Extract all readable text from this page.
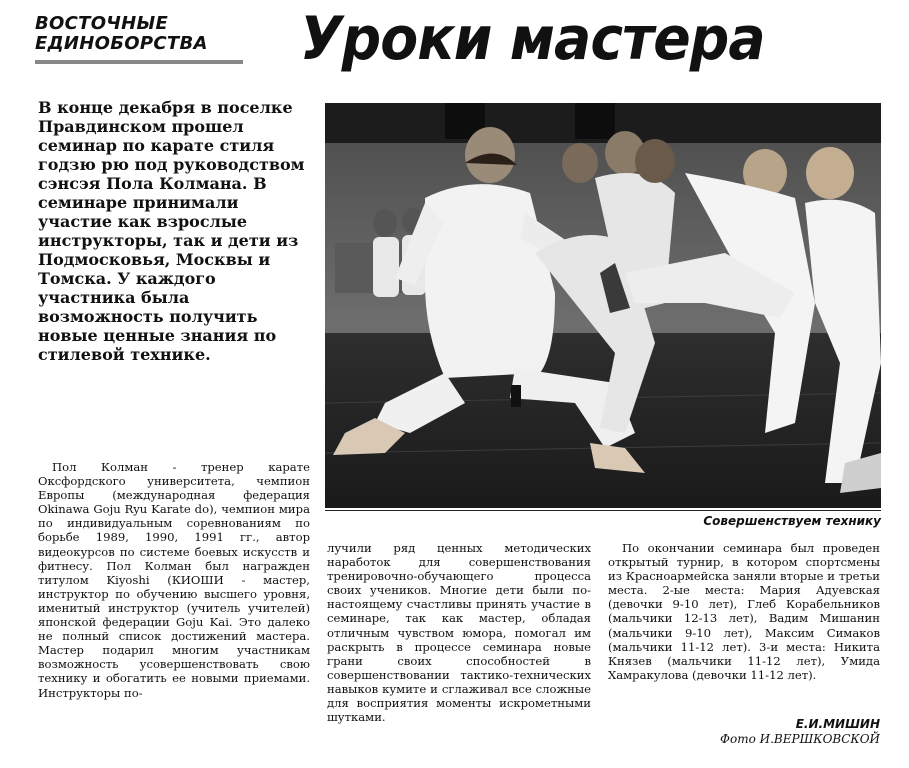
ВОСТОЧНЫЕ
ЕДИНОБОРСТВА	Уроки мастера
В конце декабря в поселке Правдинском прошел семинар по карате стиля годзю рю под руководством сэнсэя Пола Колмана. В семинаре принимали участие как взрослые инструкторы, так и дети из Подмосковья, Москвы и Томска. У каждого участника была возможность получить новые ценные знания по стилевой технике.
Совершенствуем технику
Пол Колман - тренер карате Оксфордского университета, чемпион Европы (международная федерация Okinawa Goju Ryu Karate do), чемпион мира по индивидуальным соревнованиям по борьбе 1989, 1990, 1991 гг., автор видеокурсов по системе боевых искусств и фитнесу. Пол Колман был награжден титулом Kiyoshi (КИОШИ - мастер, инструктор по обучению высшего уровня, именитый инструктор (учитель учителей) японской федерации Goju Kai. Это далеко не полный список достижений мастера. Мастер подарил многим участникам возможность усовершенствовать свою технику и обогатить ее новыми приемами. Инструкторы по-
лучили ряд ценных методических наработок для совершенствования тренировочно-обучающего процесса своих учеников. Многие дети были по-настоящему счастливы принять участие в семинаре, так как мастер, обладая отличным чувством юмора, помогал им раскрыть в процессе семинара новые грани своих способностей в совершенствовании тактико-технических навыков кумите и сглаживал все сложные для восприятия моменты искрометными шутками.
По окончании семинара был проведен открытый турнир, в котором спортсмены из Красноармейска заняли вторые и третьи места. 2-ые места: Мария Адуевская (девочки 9-10 лет), Глеб Корабельников (мальчики 12-13 лет), Вадим Мишанин (мальчики 9-10 лет), Максим Симаков (мальчики 11-12 лет). 3-и места: Никита Князев (мальчики 11-12 лет), Умида Хамракулова (девочки 11-12 лет).
Е.И.МИШИН
Фото И.ВЕРШКОВСКОЙ
